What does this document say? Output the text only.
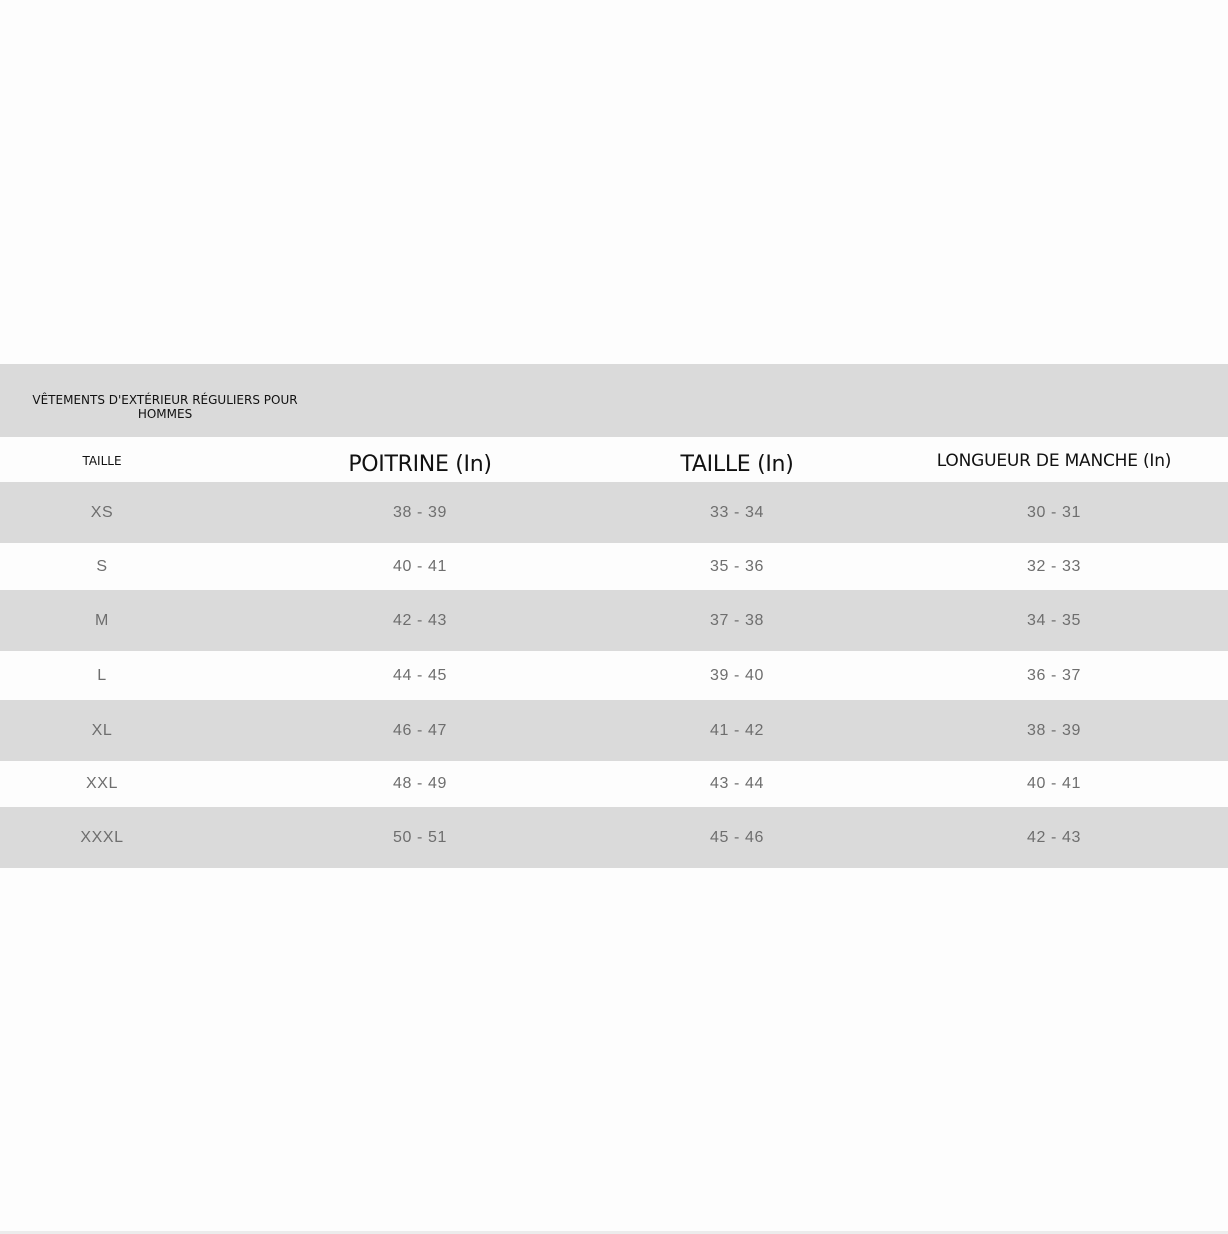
VÊTEMENTS D'EXTÉRIEUR RÉGULIERS POUR HOMMES
TAILLE	POITRINE (In)	TAILLE (In)	LONGUEUR DE MANCHE (In)
XS	38 - 39	33 - 34	30 - 31
S	40 - 41	35 - 36	32 - 33
M	42 - 43	37 - 38	34 - 35
L	44 - 45	39 - 40	36 - 37
XL	46 - 47	41 - 42	38 - 39
XXL	48 - 49	43 - 44	40 - 41
XXXL	50 - 51	45 - 46	42 - 43
